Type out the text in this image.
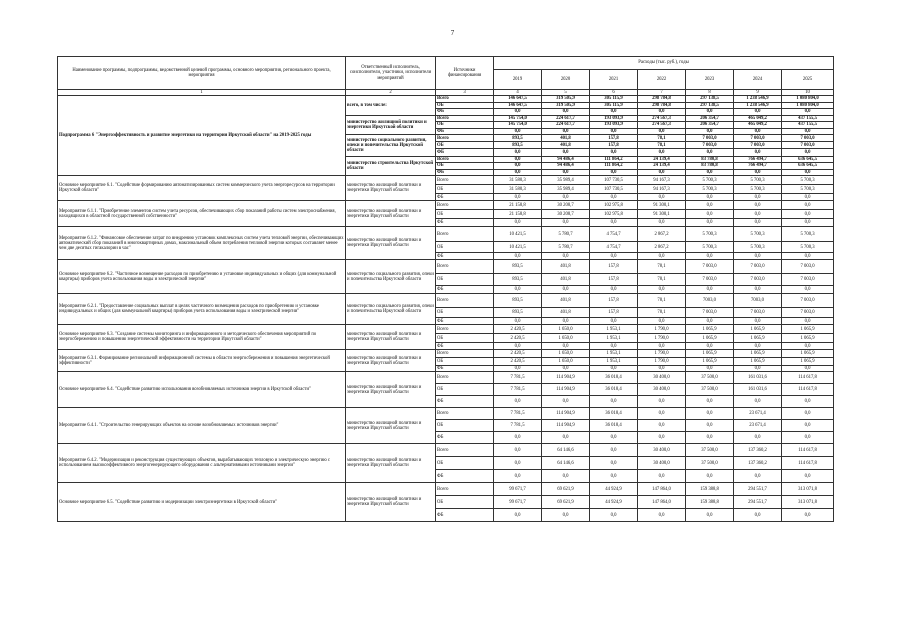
7
Наименование программы, подпрограммы, ведомственной целевой программы, основного мероприятия, регионального проекта, мероприятия	Ответственный исполнитель, соисполнители, участники, исполнители мероприятий	Источники финансирования	Расходы (тыс. руб.), годы						
			2019	2020	2021	2022	2023	2024	2025
1	2	3	4	5	6	7	8	9	10
Подпрограмма 6 "Энергоэффективность и развитие энергетики на территории Иркутской области" на 2019-2025 годы	всего, в том числе:	Всего	146 647,5	319 505,9	305 115,9	298 784,8	297 138,5	1 238 546,9	1 080 804,0
		ОБ	146 647,5	319 505,9	305 115,9	298 784,8	297 138,5	1 238 546,9	1 080 804,0
		ФБ	0,0	0,0	0,0	0,0	0,0	0,0	0,0
	министерство жилищной политики и энергетики Иркутской области	Всего	145 754,0	224 617,7	193 093,9	274 567,3	206 354,7	465 049,2	437 155,5
		ОБ	145 754,0	224 617,7	193 093,9	274 567,3	206 354,7	465 049,2	437 155,5
		ФБ	0,0	0,0	0,0	0,0	0,0	0,0	0,0
	министерство социального развития, опеки и попечительства Иркутской области	Всего	893,5	401,8	157,8	78,1	7 003,0	7 003,0	7 003,0
		ОБ	893,5	401,8	157,8	78,1	7 003,0	7 003,0	7 003,0
		ФБ	0,0	0,0	0,0	0,0	0,0	0,0	0,0
	министерство строительства Иркутской области	Всего	0,0	94 486,4	111 864,2	24 139,4	83 780,8	766 494,7	636 645,5
		ОБ	0,0	94 486,4	111 864,2	24 139,4	83 780,8	766 494,7	636 645,5
		ФБ	0,0	0,0	0,0	0,0	0,0	0,0	0,0
Основное мероприятие 6.1. "Содействие формированию автоматизированных систем коммерческого учета энергоресурсов на территории Иркутской области"	министерство жилищной политики и энергетики Иркутской области	Всего	31 580,3	35 989,4	107 730,5	94 167,3	5 700,3	5 700,3	5 700,3
		ОБ	31 580,3	35 989,4	107 730,5	94 167,3	5 700,3	5 700,3	5 700,3
		ФБ	0,0	0,0	0,0	0,0	0,0	0,0	0,0
Мероприятие 6.1.1. "Приобретение элементов систем учета ресурсов, обеспечивающих сбор показаний работы систем электроснабжения, находящихся в областной государственной собственности"	министерство жилищной политики и энергетики Иркутской области	Всего	21 158,8	30 208,7	102 975,8	91 300,1	0,0	0,0	0,0
		ОБ	21 158,8	30 208,7	102 975,8	91 300,1	0,0	0,0	0,0
		ФБ	0,0	0,0	0,0	0,0	0,0	0,0	0,0
Мероприятие 6.1.2. "Финансовое обеспечение затрат по внедрению установок комплексных систем учета тепловой энергии, обеспечивающих автоматический сбор показаний в многоквартирных домах, максимальный объем потребления тепловой энергии которых составляет менее чем две десятых гигакалории в час"	министерство жилищной политики и энергетики Иркутской области	Всего	10 421,5	5 780,7	4 754,7	2 867,2	5 700,3	5 700,3	5 700,3
		ОБ	10 421,5	5 780,7	4 754,7	2 867,2	5 700,3	5 700,3	5 700,3
		ФБ	0,0	0,0	0,0	0,0	0,0	0,0	0,0
Основное мероприятие 6.2. "Частичное возмещение расходов по приобретению и установке индивидуальных и общих (для коммунальной квартиры) приборов учета использования воды и электрической энергии"	министерство социального развития, опеки и попечительства Иркутской области	Всего	893,5	401,8	157,8	78,1	7 003,0	7 003,0	7 003,0
		ОБ	893,5	401,8	157,8	78,1	7 003,0	7 003,0	7 003,0
		ФБ	0,0	0,0	0,0	0,0	0,0	0,0	0,0
Мероприятие 6.2.1. "Предоставление социальных выплат в целях частичного возмещения расходов по приобретению и установке индивидуальных и общих (для коммунальной квартиры) приборов учета использования воды и электрической энергии"	министерство социального развития, опеки и попечительства Иркутской области	Всего	893,5	401,8	157,8	78,1	7003,0	7003,0	7 003,0
		ОБ	893,5	401,8	157,8	78,1	7 003,0	7 003,0	7 003,0
		ФБ	0,0	0,0	0,0	0,0	0,0	0,0	0,0
Основное мероприятие 6.3. "Создание системы мониторинга и информационного и методического обеспечения мероприятий по энергосбережению и повышению энергетической эффективности на территории Иркутской области"	министерство жилищной политики и энергетики Иркутской области	Всего	2 420,5	1 650,0	1 953,1	1 790,0	1 065,9	1 065,9	1 065,9
		ОБ	2 420,5	1 650,0	1 953,1	1 790,0	1 065,9	1 065,9	1 065,9
		ФБ	0,0	0,0	0,0	0,0	0,0	0,0	0,0
Мероприятие 6.3.1. Формирование региональной информационной системы в области энергосбережения и повышения энергетической эффективности"	министерство жилищной политики и энергетики Иркутской области	Всего	2 420,5	1 650,0	1 953,1	1 790,0	1 065,9	1 065,9	1 065,9
		ОБ	2 420,5	1 650,0	1 953,1	1 790,0	1 065,9	1 065,9	1 065,9
		ФБ	0,0	0,0	0,0	0,0	0,0	0,0	0,0
Основное мероприятие 6.4. "Содействие развитию использования возобновляемых источников энергии в Иркутской области"	министерство жилищной политики и энергетики Иркутской области	Всего	7 781,5	114 904,9	36 018,4	30 400,0	37 500,0	161 031,6	114 617,8
		ОБ	7 781,5	114 904,9	36 018,4	30 400,0	37 500,0	161 031,6	114 617,8
		ФБ	0,0	0,0	0,0	0,0	0,0	0,0	0,0
Мероприятие 6.4.1. "Строительство генерирующих объектов на основе возобновляемых источников энергии"	министерство жилищной политики и энергетики Иркутской области	Всего	7 781,5	114 904,9	36 018,4	0,0	0,0	23 671,4	0,0
		ОБ	7 781,5	114 904,9	36 018,4	0,0	0,0	23 671,4	0,0
		ФБ	0,0	0,0	0,0	0,0	0,0	0,0	0,0
Мероприятие 6.4.2. "Модернизация и реконструкция существующих объектов, вырабатывающих тепловую и электрическую энергию с использованием высокоэффективного энергогенерирующего оборудования с альтернативными источниками энергии"	министерство жилищной политики и энергетики Иркутской области	Всего	0,0	64 146,6	0,0	30 400,0	37 500,0	137 360,2	114 617,8
		ОБ	0,0	64 146,6	0,0	30 400,0	37 500,0	137 360,2	114 617,8
		ФБ	0,0	0,0	0,0	0,0	0,0	0,0	0,0
Основное мероприятие 6.5. "Содействие развитию и модернизации электроэнергетики в Иркутской области"	министерство жилищной политики и энергетики Иркутской области	Всего	99 671,7	69 621,9	44 924,9	147 864,0	159 388,8	294 551,7	313 071,8
		ОБ	99 671,7	69 621,9	44 924,9	147 864,0	159 388,8	294 551,7	313 071,8
		ФБ	0,0	0,0	0,0	0,0	0,0	0,0	0,0
